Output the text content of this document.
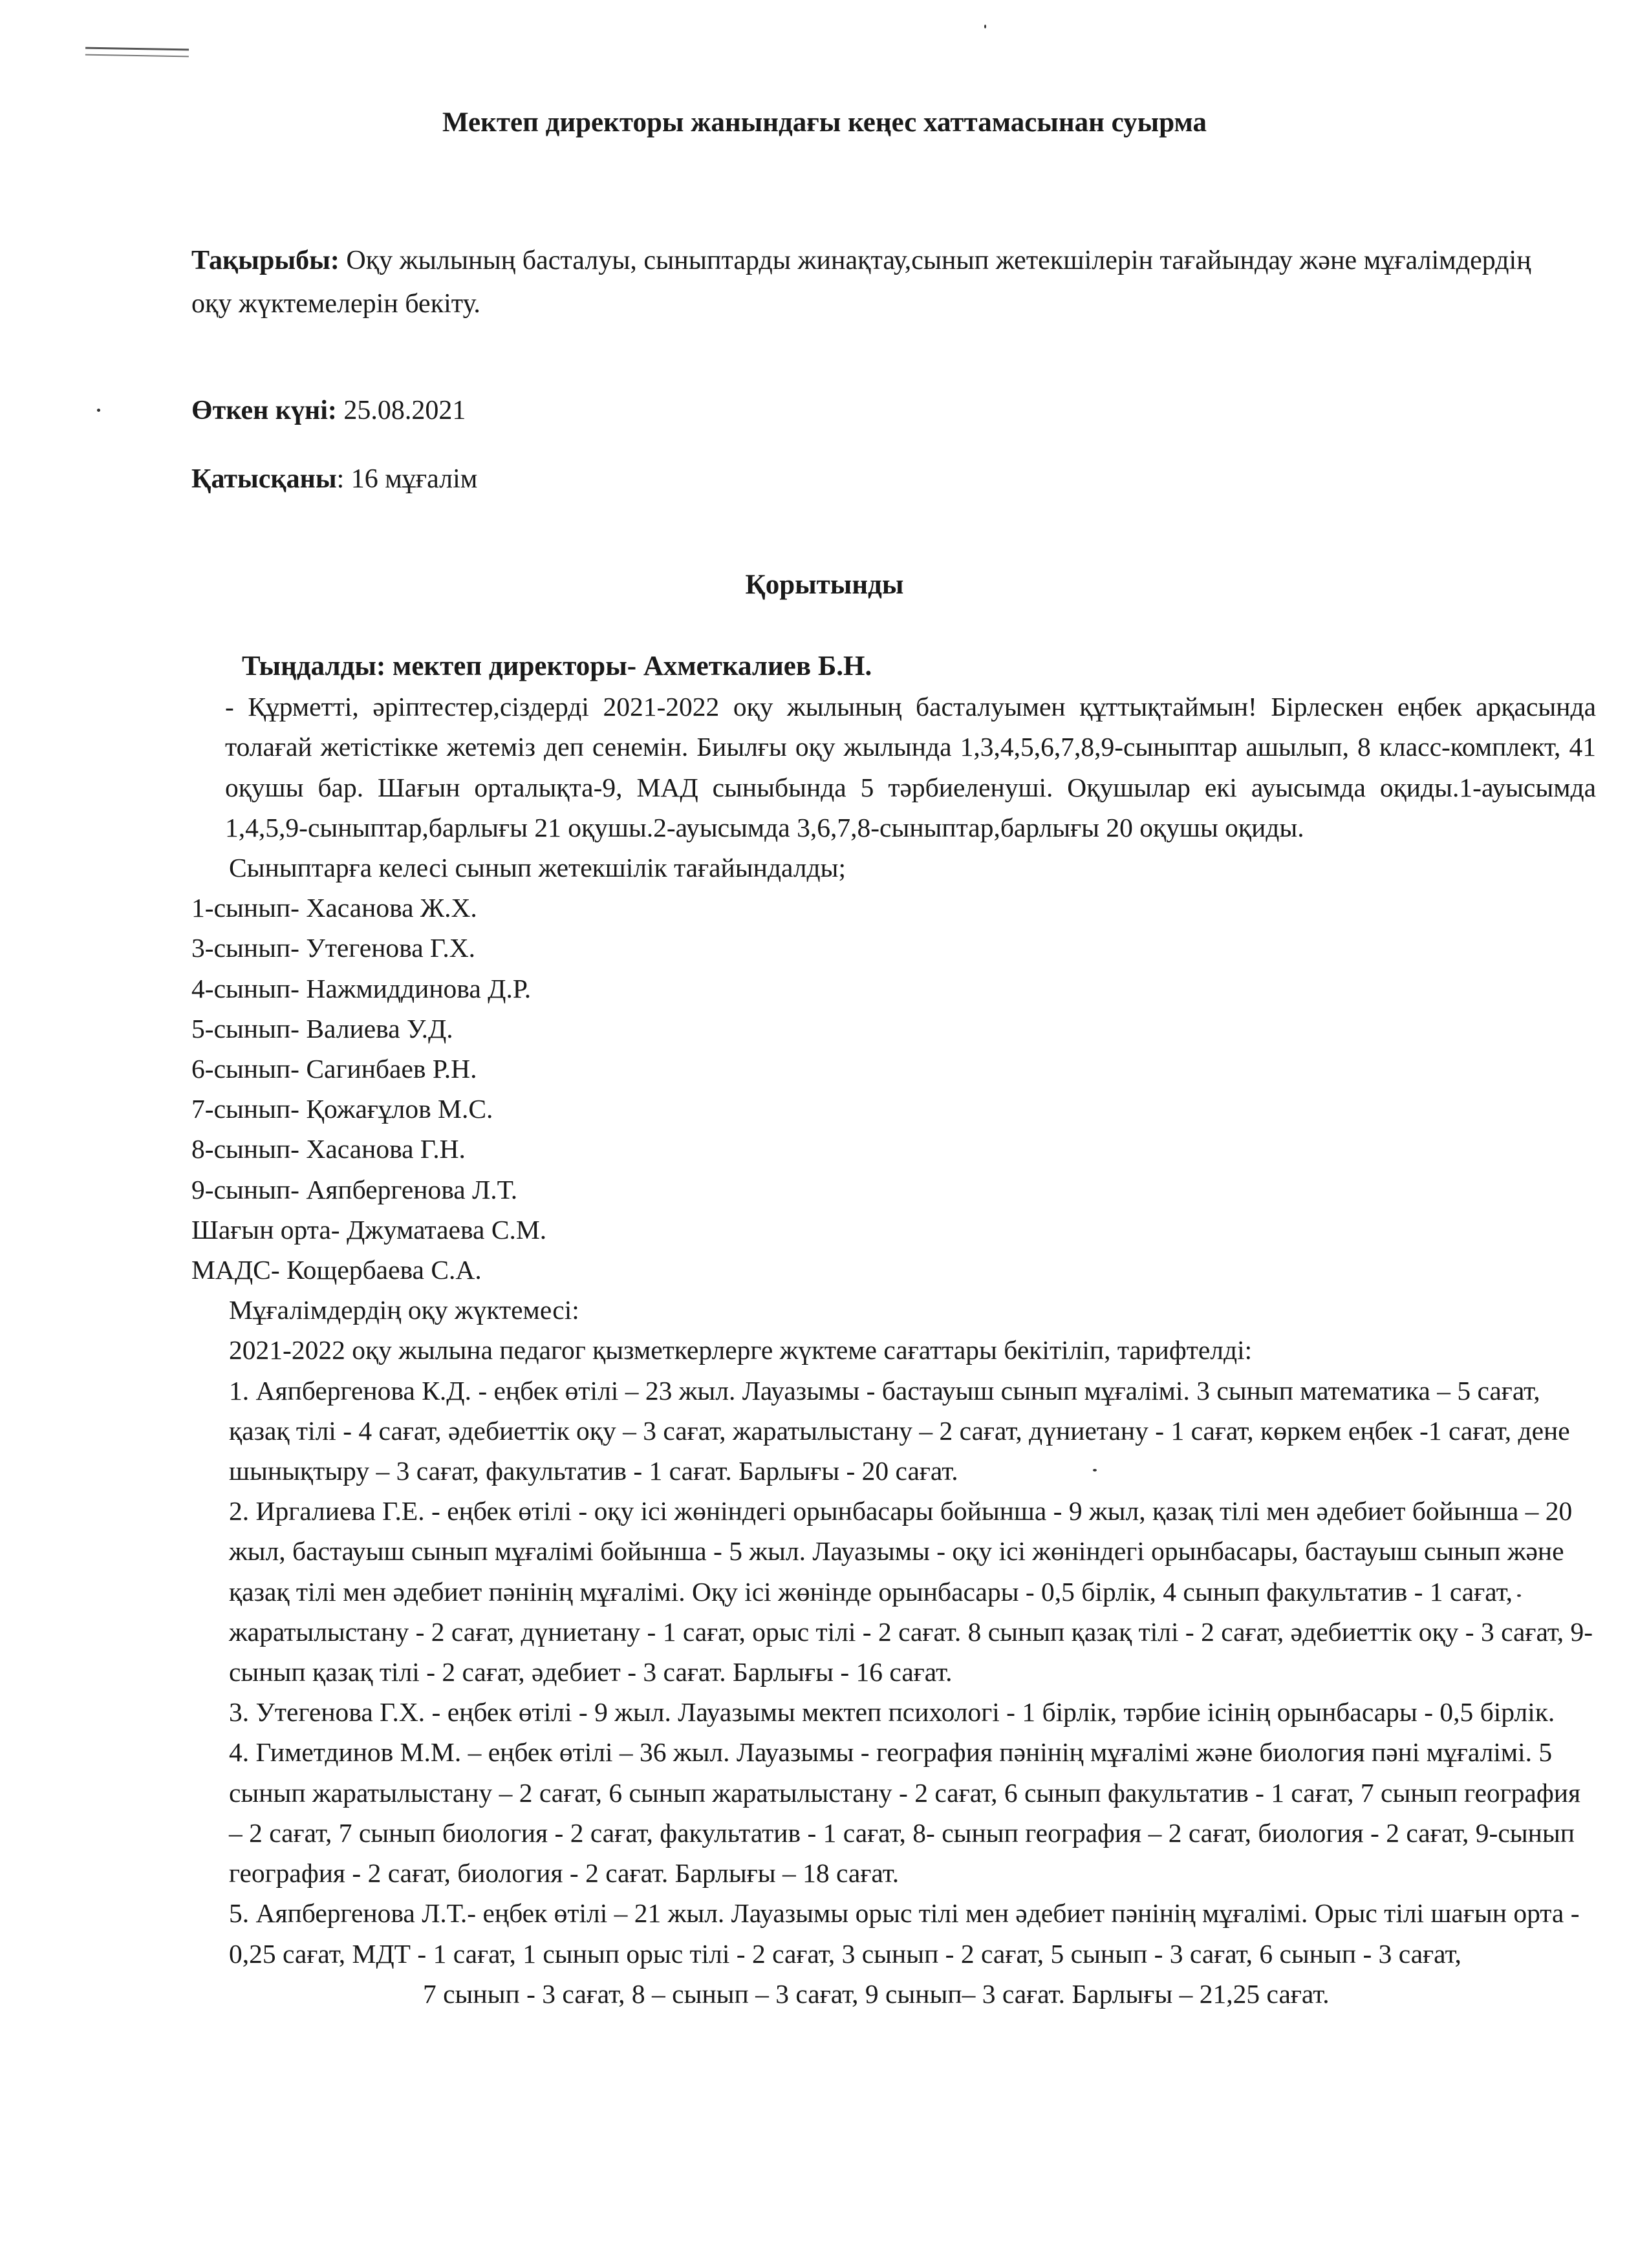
Мектеп директоры жанындағы кеңес хаттамасынан суырма

Тақырыбы: Оқу жылының басталуы, сыныптарды жинақтау,сынып жетекшілерін тағайындау және мұғалімдердің оқу жүктемелерін бекіту.

Өткен күні: 25.08.2021

Қатысқаны: 16 мұғалім

Қорытынды

Тыңдалды: мектеп директоры- Ахметкалиев Б.Н.

- Құрметті, әріптестер,сіздерді 2021-2022 оқу жылының басталуымен құттықтаймын! Бірлескен еңбек арқасында толағай жетістікке жетеміз деп сенемін. Биылғы оқу жылында 1,3,4,5,6,7,8,9-сыныптар ашылып, 8 класс-комплект, 41 оқушы бар. Шағын орталықта-9, МАД сыныбында 5 тәрбиеленуші. Оқушылар екі ауысымда оқиды.1-ауысымда 1,4,5,9-сыныптар,барлығы 21 оқушы.2-ауысымда 3,6,7,8-сыныптар,барлығы 20 оқушы оқиды.

Сыныптарға келесі сынып жетекшілік тағайындалды;

1-сынып- Хасанова Ж.Х.

3-сынып- Утегенова Г.Х.

4-сынып- Нажмиддинова Д.Р.

5-сынып- Валиева У.Д.

6-сынып- Сагинбаев Р.Н.

7-сынып- Қожағұлов М.С.

8-сынып- Хасанова Г.Н.

9-сынып- Аяпбергенова Л.Т.

Шағын орта- Джуматаева С.М.

МАДС- Кощербаева С.А.

Мұғалімдердің оқу жүктемесі:

2021-2022 оқу жылына педагог қызметкерлерге жүктеме сағаттары бекітіліп, тарифтелді:

1. Аяпбергенова К.Д. - еңбек өтілі – 23 жыл. Лауазымы - бастауыш сынып мұғалімі. 3 сынып математика – 5 сағат, қазақ тілі - 4 сағат, әдебиеттік оқу – 3 сағат, жаратылыстану – 2 сағат, дүниетану - 1 сағат, көркем еңбек -1 сағат, дене шынықтыру – 3 сағат, факультатив - 1 сағат. Барлығы - 20 сағат.

2. Иргалиева Г.Е. - еңбек өтілі - оқу ісі жөніндегі орынбасары бойынша - 9 жыл, қазақ тілі мен әдебиет бойынша – 20 жыл, бастауыш сынып мұғалімі бойынша - 5 жыл. Лауазымы - оқу ісі жөніндегі орынбасары, бастауыш сынып және қазақ тілі мен әдебиет пәнінің мұғалімі. Оқу ісі жөнінде орынбасары - 0,5 бірлік, 4 сынып факультатив - 1 сағат, жаратылыстану - 2 сағат, дүниетану - 1 сағат, орыс тілі - 2 сағат. 8 сынып қазақ тілі - 2 сағат, әдебиеттік оқу - 3 сағат, 9-сынып қазақ тілі - 2 сағат, әдебиет - 3 сағат. Барлығы - 16 сағат.

3. Утегенова Г.Х. - еңбек өтілі - 9 жыл. Лауазымы мектеп психологі - 1 бірлік, тәрбие ісінің орынбасары - 0,5 бірлік.

4. Гиметдинов М.М. – еңбек өтілі – 36 жыл. Лауазымы - география пәнінің мұғалімі және биология пәні мұғалімі. 5 сынып жаратылыстану – 2 сағат, 6 сынып жаратылыстану - 2 сағат, 6 сынып факультатив - 1 сағат, 7 сынып география – 2 сағат, 7 сынып биология - 2 сағат, факультатив - 1 сағат, 8- сынып география – 2 сағат, биология - 2 сағат, 9-сынып география - 2 сағат, биология - 2 сағат. Барлығы – 18 сағат.

5. Аяпбергенова Л.Т.- еңбек өтілі – 21 жыл. Лауазымы орыс тілі мен әдебиет пәнінің мұғалімі. Орыс тілі шағын орта - 0,25 сағат, МДТ - 1 сағат, 1 сынып орыс тілі - 2 сағат, 3 сынып - 2 сағат, 5 сынып - 3 сағат, 6 сынып - 3 сағат,7 сынып - 3 сағат, 8 – сынып – 3 сағат, 9 сынып– 3 сағат. Барлығы – 21,25 сағат.
